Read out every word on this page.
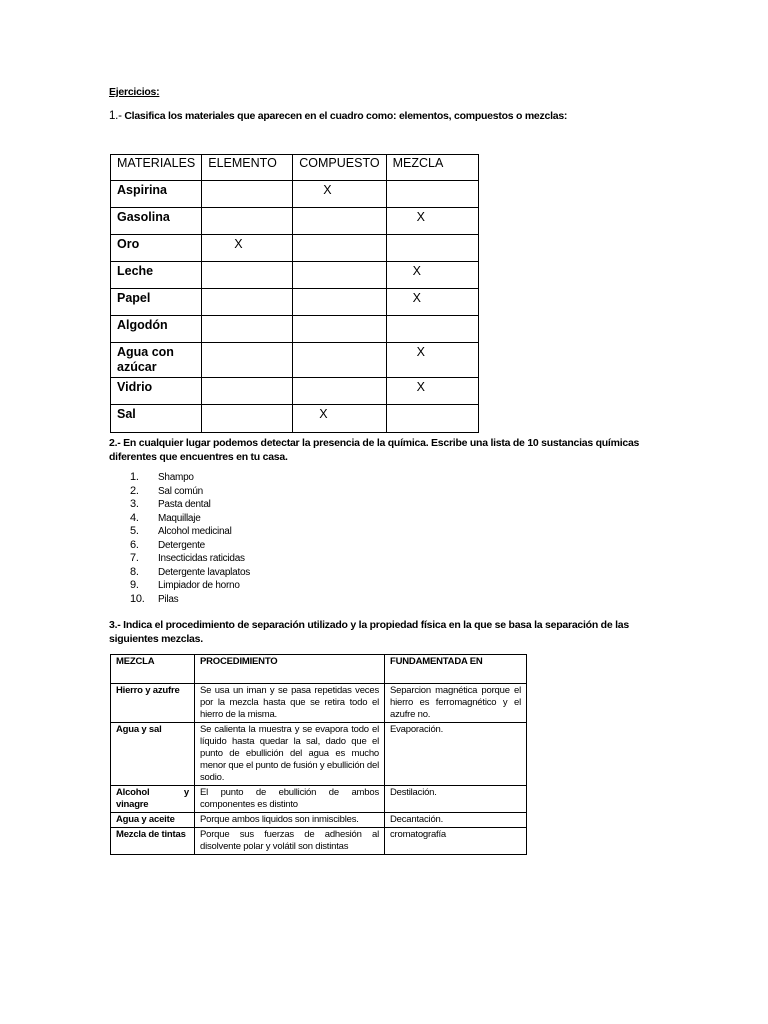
Ejercicios:
1.- Clasifica los materiales que aparecen en el cuadro como: elementos, compuestos o mezclas:
MATERIALES	ELEMENTO	COMPUESTO	MEZCLA
Aspirina		X	
Gasolina			X
Oro	X		
Leche			X
Papel			X
Algodón			
Agua con azúcar			X
Vidrio			X
Sal		X	
2.- En cualquier lugar podemos detectar la presencia de la química. Escribe una lista de 10 sustancias químicas diferentes que encuentres en tu casa.
1. Shampo
2. Sal común
3. Pasta dental
4. Maquillaje
5. Alcohol medicinal
6. Detergente
7. Insecticidas raticidas
8. Detergente lavaplatos
9. Limpiador de horno
10. Pilas
3.- Indica el procedimiento de separación utilizado y la propiedad física en la que se basa la separación de las siguientes mezclas.
MEZCLA	PROCEDIMIENTO	FUNDAMENTADA EN
Hierro y azufre	Se usa un iman y se pasa repetidas veces por la mezcla hasta que se retira todo el hierro de la misma.	Separcion magnética porque el hierro es ferromagnético y el azufre no.
Agua y sal	Se calienta la muestra y se evapora todo el líquido hasta quedar la sal, dado que el punto de ebullición del agua es mucho menor que el punto de fusión y ebullición del sodio.	Evaporación.
Alcohol y vinagre	El punto de ebullición de ambos componentes es distinto	Destilación.
Agua y aceite	Porque ambos liquidos son inmiscibles.	Decantación.
Mezcla de tintas	Porque sus fuerzas de adhesión al disolvente polar y volátil son distintas	cromatografía
